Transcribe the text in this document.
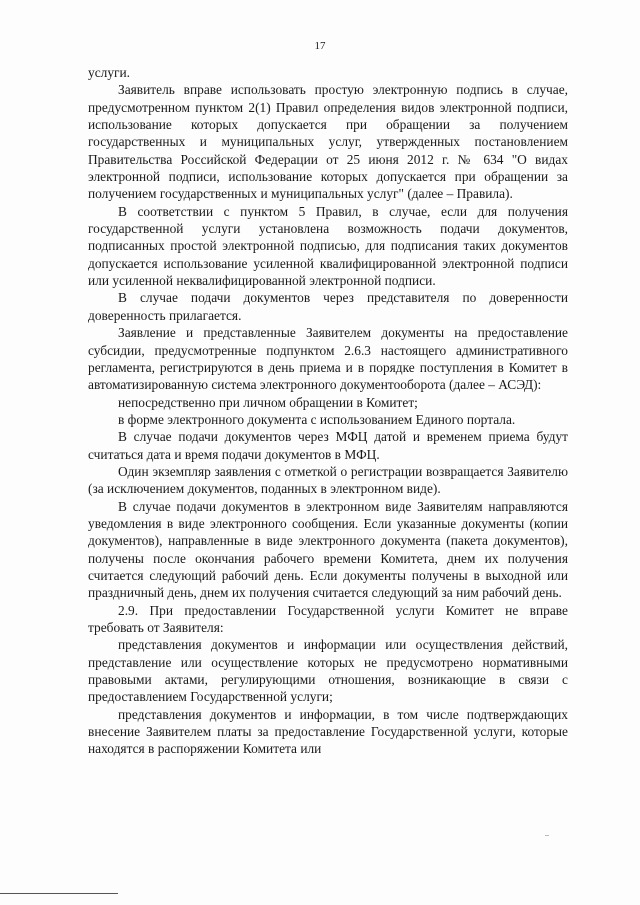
17

услуги.

Заявитель вправе использовать простую электронную подпись в случае, предусмотренном пунктом 2(1) Правил определения видов электронной подписи, использование которых допускается при обращении за получением государственных и муниципальных услуг, утвержденных постановлением Правительства Российской Федерации от 25 июня 2012 г. № 634 "О видах электронной подписи, использование которых допускается при обращении за получением государственных и муниципальных услуг" (далее – Правила).

В соответствии с пунктом 5 Правил, в случае, если для получения государственной услуги установлена возможность подачи документов, подписанных простой электронной подписью, для подписания таких документов допускается использование усиленной квалифицированной электронной подписи или усиленной неквалифицированной электронной подписи.

В случае подачи документов через представителя по доверенности доверенность прилагается.

Заявление и представленные Заявителем документы на предоставление субсидии, предусмотренные подпунктом 2.6.3 настоящего административного регламента, регистрируются в день приема и в порядке поступления в Комитет в автоматизированную система электронного документооборота (далее – АСЭД):

непосредственно при личном обращении в Комитет;

в форме электронного документа с использованием Единого портала.

В случае подачи документов через МФЦ датой и временем приема будут считаться дата и время подачи документов в МФЦ.

Один экземпляр заявления с отметкой о регистрации возвращается Заявителю (за исключением документов, поданных в электронном виде).

В случае подачи документов в электронном виде Заявителям направляются уведомления в виде электронного сообщения. Если указанные документы (копии документов), направленные в виде электронного документа (пакета документов), получены после окончания рабочего времени Комитета, днем их получения считается следующий рабочий день. Если документы получены в выходной или праздничный день, днем их получения считается следующий за ним рабочий день.

2.9. При предоставлении Государственной услуги Комитет не вправе требовать от Заявителя:

представления документов и информации или осуществления действий, представление или осуществление которых не предусмотрено нормативными правовыми актами, регулирующими отношения, возникающие в связи с предоставлением Государственной услуги;

представления документов и информации, в том числе подтверждающих внесение Заявителем платы за предоставление Государственной услуги, которые находятся в распоряжении Комитета или
